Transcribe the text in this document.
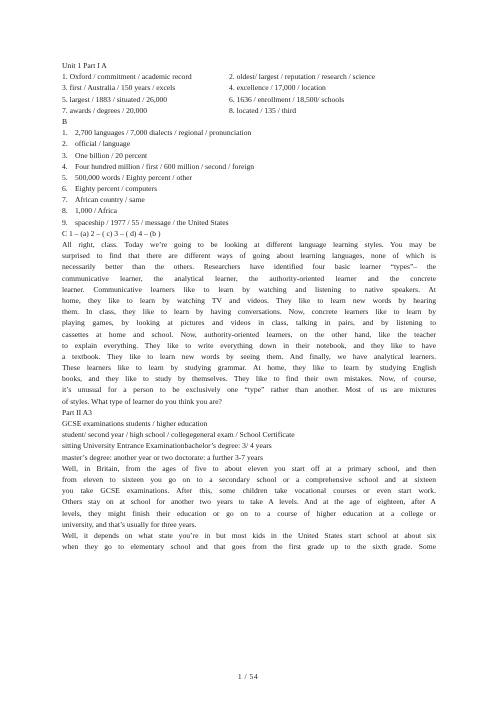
Unit 1 Part I A
1. Oxford / commitment / academic record	2. oldest/ largest / reputation / research / science
3. first / Australia / 150 years / excels	4. excellence / 17,000 / location
5. largest / 1883 / situated / 26,000	6. 1636 / enrollment / 18,500/ schools
7. awards / degrees / 20,000	8. located / 135 / third
B
1. 2,700 languages / 7,000 dialects / regional / pronunciation
2. official / language
3. One billion / 20 percent
4. Four hundred million / first / 600 million / second / foreign
5. 500,000 words / Eighty percent / other
6. Eighty percent / computers
7. African country / same
8. 1,000 / Africa
9. spaceship / 1977 / 55 / message / the United States
C 1 – (a) 2 – ( c) 3 – ( d) 4 – (b )
All right, class. Today we’re going to be looking at different language learning styles. You may be
surprised to find that there are different ways of going about learning languages, none of which is
necessarily better than the others. Researchers have identified four basic learner “types”– the
communicative learner, the analytical learner, the authority-oriented learner and the concrete
learner. Communicative learners like to learn by watching and listening to native speakers. At
home, they like to learn by watching TV and videos. They like to learn new words by hearing
them. In class, they like to learn by having conversations. Now, concrete learners like to learn by
playing games, by looking at pictures and videos in class, talking in pairs, and by listening to
cassettes at home and school. Now, authority-oriented learners, on the other hand, like the teacher
to explain everything. They like to write everything down in their notebook, and they like to have
a textbook. They like to learn new words by seeing them. And finally, we have analytical learners.
These learners like to learn by studying grammar. At home, they like to learn by studying English
books, and they like to study by themselves. They like to find their own mistakes. Now, of course,
it’s unusual for a person to be exclusively one “type” rather than another. Most of us are mixtures
of styles. What type of learner do you think you are?
Part II A3
GCSE examinations students / higher education
student/ second year / high school / collegegeneral exam / School Certificate
sitting University Entrance Examinationbachelor’s degree: 3/ 4 years
master’s degree: another year or two doctorate: a further 3-7 years
Well, in Britain, from the ages of five to about eleven you start off at a primary school, and then
from eleven to sixteen you go on to a secondary school or a comprehensive school and at sixteen
you take GCSE examinations. After this, some children take vocational courses or even start work.
Others stay on at school for another two years to take A levels. And at the age of eighteen, after A
levels, they might finish their education or go on to a course of higher education at a college or
university, and that’s usually for three years.
Well, it depends on what state you’re in but most kids in the United States start school at about six
when they go to elementary school and that goes from the first grade up to the sixth grade. Some
1 / 54
